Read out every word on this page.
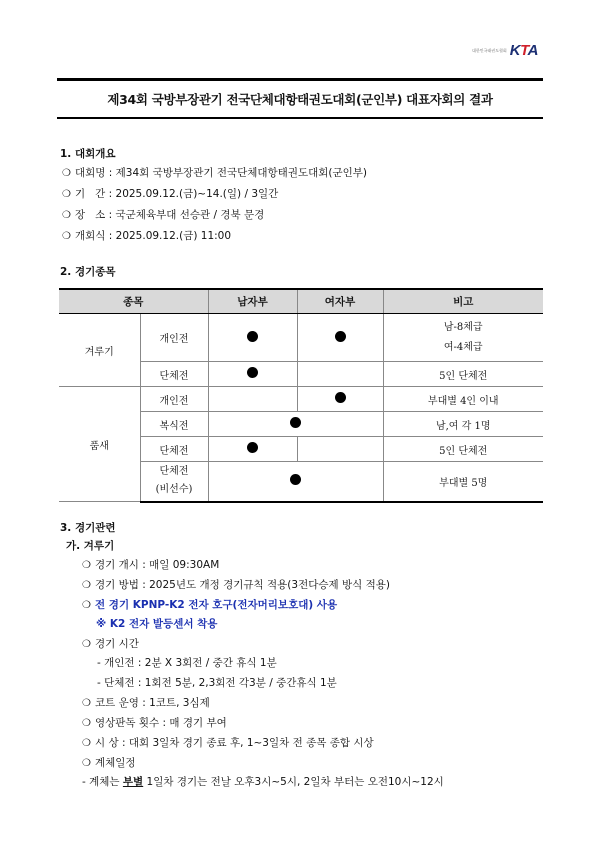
대한민국태권도협회 KTA
제34회 국방부장관기 전국단체대항태권도대회(군인부) 대표자회의 결과
1. 대회개요
❍ 대회명 : 제34회 국방부장관기 전국단체대항태권도대회(군인부)
❍ 기   간 : 2025.09.12.(금)~14.(일) / 3일간
❍ 장   소 : 국군체육부대 선승관 / 경북 문경
❍ 개회식 : 2025.09.12.(금) 11:00
2. 경기종목
종목		남자부	여자부	비고
겨루기	개인전			남-8체급
여-4체급

	단체전			5인 단체전
품새	개인전			부대별 4인 이내
	복식전			남,여 각 1명
	단체전			5인 단체전

	단체전
(비선수)			부대별 5명
3. 경기관련
가. 겨루기
❍ 경기 개시 : 매일 09:30AM
❍ 경기 방법 : 2025년도 개정 경기규칙 적용(3전다승제 방식 적용)
❍ 전 경기 KPNP-K2 전자 호구(전자머리보호대) 사용
※ K2 전자 발등센서 착용
❍ 경기 시간
- 개인전 : 2분 X 3회전 / 중간 휴식 1분
- 단체전 : 1회전 5분, 2,3회전 각3분 / 중간휴식 1분
❍ 코트 운영 : 1코트, 3심제
❍ 영상판독 횟수 : 매 경기 부여
❍ 시 상 : 대회 3일차 경기 종료 후, 1~3일차 전 종목 종합 시상
❍ 계체일정
- 계체는 부별 1일차 경기는 전날 오후3시~5시, 2일차 부터는 오전10시~12시
